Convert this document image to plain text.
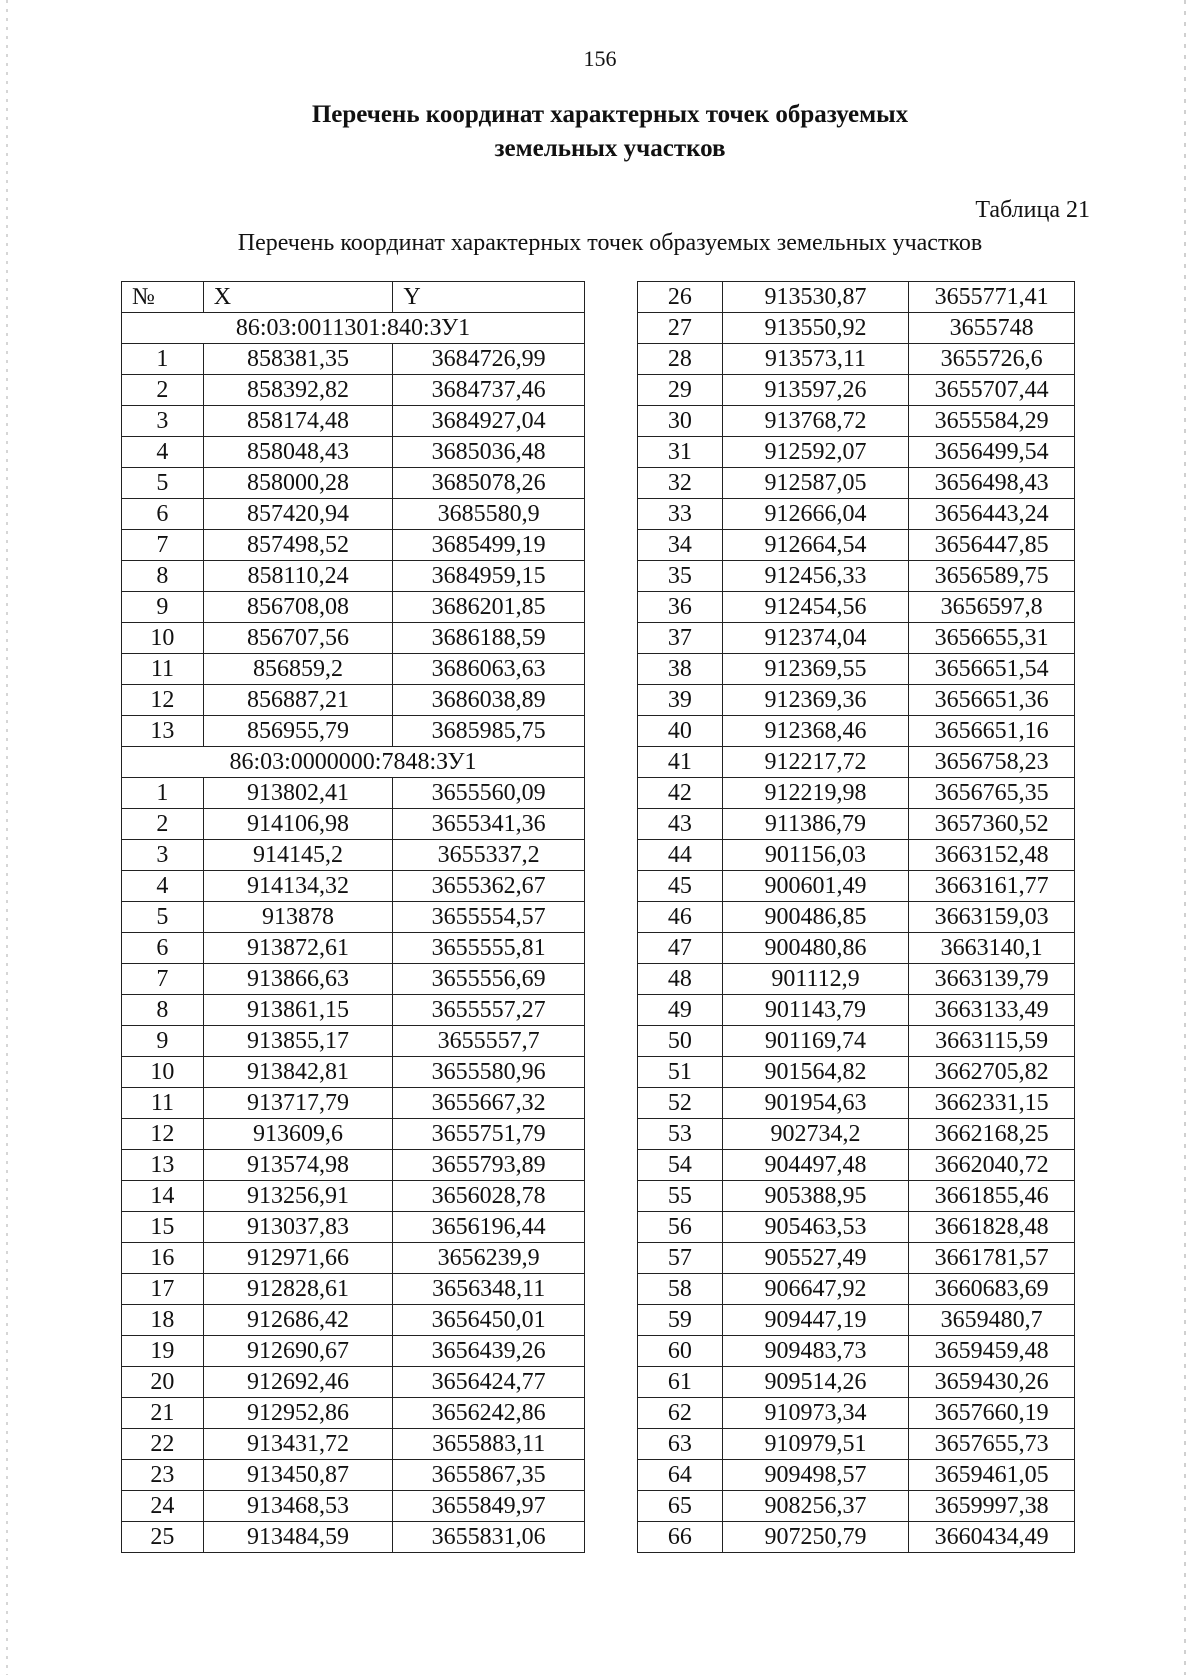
156
Перечень координат характерных точек образуемых
земельных участков
Таблица 21
Перечень координат характерных точек образуемых земельных участков
№	X	Y
86:03:0011301:840:ЗУ1		
1	858381,35	3684726,99
2	858392,82	3684737,46
3	858174,48	3684927,04
4	858048,43	3685036,48
5	858000,28	3685078,26
6	857420,94	3685580,9
7	857498,52	3685499,19
8	858110,24	3684959,15
9	856708,08	3686201,85
10	856707,56	3686188,59
11	856859,2	3686063,63
12	856887,21	3686038,89
13	856955,79	3685985,75
86:03:0000000:7848:ЗУ1		
1	913802,41	3655560,09
2	914106,98	3655341,36
3	914145,2	3655337,2
4	914134,32	3655362,67
5	913878	3655554,57
6	913872,61	3655555,81
7	913866,63	3655556,69
8	913861,15	3655557,27
9	913855,17	3655557,7
10	913842,81	3655580,96
11	913717,79	3655667,32
12	913609,6	3655751,79
13	913574,98	3655793,89
14	913256,91	3656028,78
15	913037,83	3656196,44
16	912971,66	3656239,9
17	912828,61	3656348,11
18	912686,42	3656450,01
19	912690,67	3656439,26
20	912692,46	3656424,77
21	912952,86	3656242,86
22	913431,72	3655883,11
23	913450,87	3655867,35
24	913468,53	3655849,97
25	913484,59	3655831,06
26	913530,87	3655771,41
27	913550,92	3655748
28	913573,11	3655726,6
29	913597,26	3655707,44
30	913768,72	3655584,29
31	912592,07	3656499,54
32	912587,05	3656498,43
33	912666,04	3656443,24
34	912664,54	3656447,85
35	912456,33	3656589,75
36	912454,56	3656597,8
37	912374,04	3656655,31
38	912369,55	3656651,54
39	912369,36	3656651,36
40	912368,46	3656651,16
41	912217,72	3656758,23
42	912219,98	3656765,35
43	911386,79	3657360,52
44	901156,03	3663152,48
45	900601,49	3663161,77
46	900486,85	3663159,03
47	900480,86	3663140,1
48	901112,9	3663139,79
49	901143,79	3663133,49
50	901169,74	3663115,59
51	901564,82	3662705,82
52	901954,63	3662331,15
53	902734,2	3662168,25
54	904497,48	3662040,72
55	905388,95	3661855,46
56	905463,53	3661828,48
57	905527,49	3661781,57
58	906647,92	3660683,69
59	909447,19	3659480,7
60	909483,73	3659459,48
61	909514,26	3659430,26
62	910973,34	3657660,19
63	910979,51	3657655,73
64	909498,57	3659461,05
65	908256,37	3659997,38
66	907250,79	3660434,49
